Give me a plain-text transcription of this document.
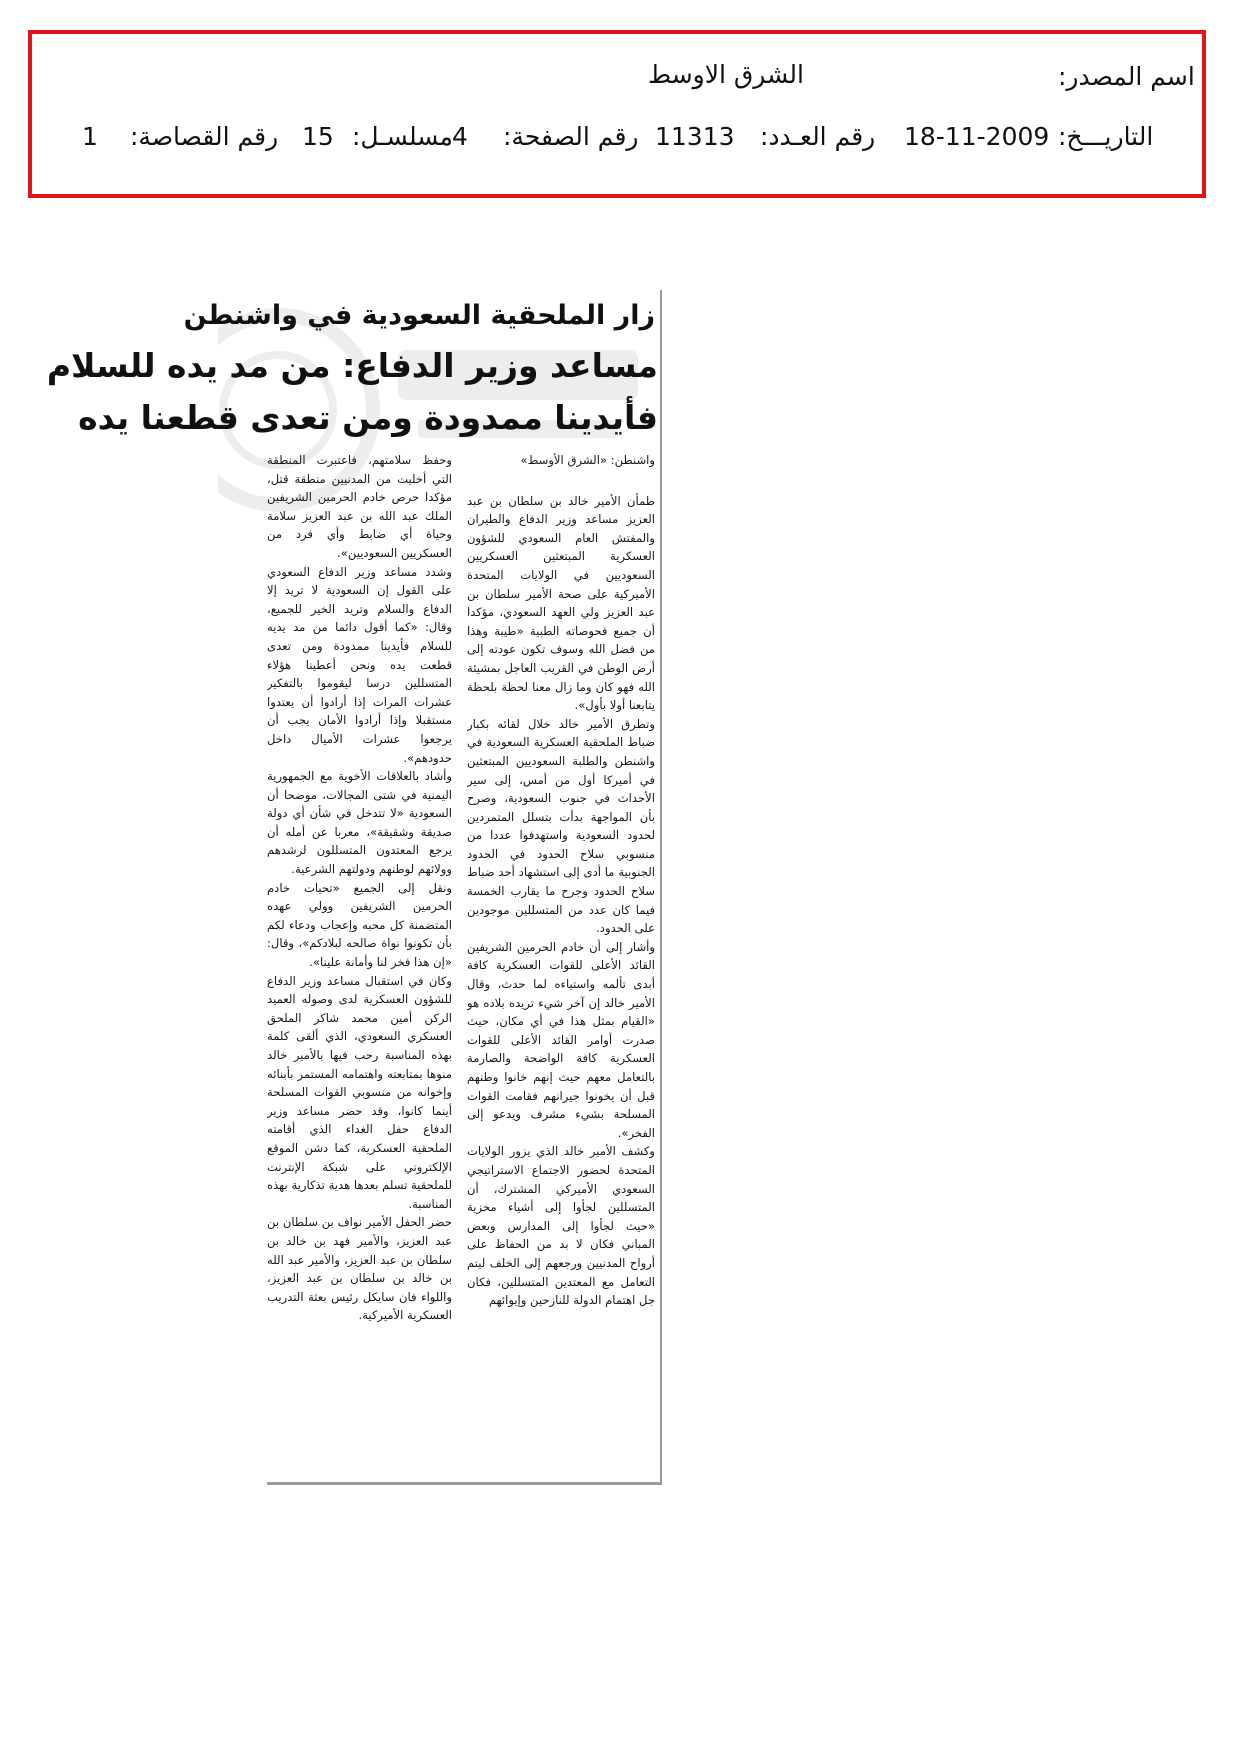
اسم المصدر:
الشرق الاوسط
التاريـــخ:
18-11-2009
رقم العـدد:
11313
رقم الصفحة:
4
مسلسـل:
15
رقم القصاصة:
1
زار الملحقية السعودية في واشنطن
مساعد وزير الدفاع: من مد يده للسلام
فأيدينا ممدودة ومن تعدى قطعنا يده

واشنطن: «الشرق الأوسط»

طمأن الأمير خالد بن سلطان بن عبد العزيز مساعد وزير الدفاع والطيران والمفتش العام السعودي للشؤون العسكرية المبتعثين العسكريين السعوديين في الولايات المتحدة الأميركية على صحة الأمير سلطان بن عبد العزيز ولي العهد السعودي، مؤكدا أن جميع فحوصاته الطبية «طيبة وهذا من فضل الله وسوف تكون عودته إلى أرض الوطن في القريب العاجل بمشيئة الله فهو كان وما زال معنا لحظة بلحظة يتابعنا أولا بأول».

وتطرق الأمير خالد خلال لقائه بكبار ضباط الملحقية العسكرية السعودية في واشنطن والطلبة السعوديين المبتعثين في أميركا أول من أمس، إلى سير الأحداث في جنوب السعودية، وصرح بأن المواجهة بدأت بتسلل المتمردين لحدود السعودية واستهدفوا عددا من منسوبي سلاح الحدود في الحدود الجنوبية ما أدى إلى استشهاد أحد ضباط سلاح الحدود وجرح ما يقارب الخمسة فيما كان عدد من المتسللين موجودين على الحدود.

وأشار إلى أن خادم الحرمين الشريفين القائد الأعلى للقوات العسكرية كافة أبدى تألمه واستياءه لما حدث، وقال الأمير خالد إن آخر شيء تريده بلاده هو «القيام بمثل هذا في أي مكان، حيث صدرت أوامر القائد الأعلى للقوات العسكرية كافة الواضحة والصارمة بالتعامل معهم حيث إنهم خانوا وطنهم قبل أن يخونوا جيرانهم فقامت القوات المسلحة بشيء مشرف ويدعو إلى الفخر».

وكشف الأمير خالد الذي يزور الولايات المتحدة لحضور الاجتماع الاستراتيجي السعودي الأميركي المشترك، أن المتسللين لجأوا إلى أشياء مخزية «حيث لجأوا إلى المدارس وبعض المباني فكان لا بد من الحفاظ على أرواح المدنيين ورجعهم إلى الخلف ليتم التعامل مع المعتدين المتسللين، فكان جل اهتمام الدولة للنازحين وإيوائهم

وحفظ سلامتهم، فاعتبرت المنطقة التي أخليت من المدنيين منطقة قتل، مؤكدا حرص خادم الحرمين الشريفين الملك عبد الله بن عبد العزيز سلامة وحياة أي ضابط وأي فرد من العسكريين السعوديين».

وشدد مساعد وزير الدفاع السعودي على القول إن السعودية لا تريد إلا الدفاع والسلام وتريد الخير للجميع، وقال: «كما أقول دائما من مد يديه للسلام فأيدينا ممدودة ومن تعدى قطعت يده ونحن أعطينا هؤلاء المتسللين درسا ليقوموا بالتفكير عشرات المرات إذا أرادوا أن يعتدوا مستقبلا وإذا أرادوا الأمان يجب أن يرجعوا عشرات الأميال داخل حدودهم».

وأشاد بالعلاقات الأخوية مع الجمهورية اليمنية في شتى المجالات، موضحا أن السعودية «لا تتدخل في شأن أي دولة صديقة وشقيقة»، معربا عن أمله أن يرجع المعتدون المتسللون لرشدهم وولائهم لوطنهم ودولتهم الشرعية.

ونقل إلى الجميع «تحيات خادم الحرمين الشريفين وولي عهده المتضمنة كل محبه وإعجاب ودعاء لكم بأن تكونوا نواة صالحه لبلادكم»، وقال: «إن هذا فخر لنا وأمانة علينا».

وكان في استقبال مساعد وزير الدفاع للشؤون العسكرية لدى وصوله العميد الركن أمين محمد شاكر الملحق العسكري السعودي، الذي ألقى كلمة بهذه المناسبة رحب فيها بالأمير خالد منوها بمتابعته واهتمامه المستمر بأبنائه وإخوانه من منسوبي القوات المسلحة أينما كانوا، وقد حضر مساعد وزير الدفاع حفل الغداء الذي أقامته الملحقية العسكرية، كما دشن الموقع الإلكتروني على شبكة الإنترنت للملحقية تسلم بعدها هدية تذكارية بهذه المناسبة.

حضر الحفل الأمير نواف بن سلطان بن عبد العزيز، والأمير فهد بن خالد بن سلطان بن عبد العزيز، والأمير عبد الله بن خالد بن سلطان بن عبد العزيز، واللواء فان سايكل رئيس بعثة التدريب العسكرية الأميركية.
